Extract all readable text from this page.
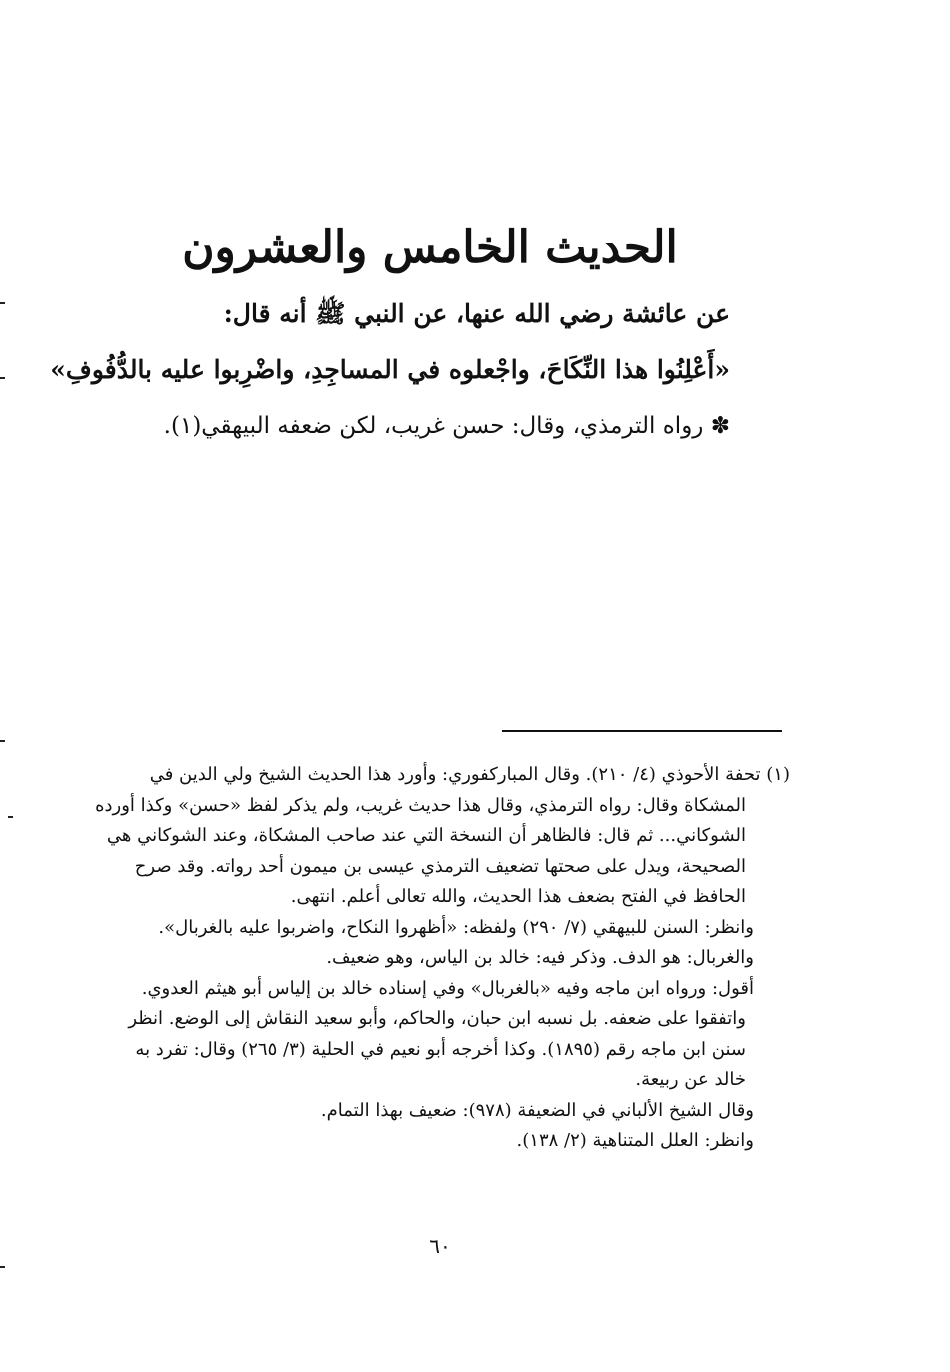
الحديث الخامس والعشرون
عن عائشة رضي الله عنها، عن النبي ﷺ أنه قال:
«أَعْلِنُوا هذا النِّكَاحَ، واجْعلوه في المساجِدِ، واضْرِبوا عليه بالدُّفُوفِ»
✽ رواه الترمذي، وقال: حسن غريب، لكن ضعفه البيهقي(١).
(١) تحفة الأحوذي (٤/ ٢١٠). وقال المباركفوري: وأورد هذا الحديث الشيخ ولي الدين في
المشكاة وقال: رواه الترمذي، وقال هذا حديث غريب، ولم يذكر لفظ «حسن» وكذا أورده
الشوكاني... ثم قال: فالظاهر أن النسخة التي عند صاحب المشكاة، وعند الشوكاني هي
الصحيحة، ويدل على صحتها تضعيف الترمذي عيسى بن ميمون أحد رواته. وقد صرح
الحافظ في الفتح بضعف هذا الحديث، والله تعالى أعلم. انتهى.
وانظر: السنن للبيهقي (٧/ ٢٩٠) ولفظه: «أظهروا النكاح، واضربوا عليه بالغربال».
والغربال: هو الدف. وذكر فيه: خالد بن الياس، وهو ضعيف.
أقول: ورواه ابن ماجه وفيه «بالغربال» وفي إسناده خالد بن إلياس أبو هيثم العدوي.
واتفقوا على ضعفه. بل نسبه ابن حبان، والحاكم، وأبو سعيد النقاش إلى الوضع. انظر
سنن ابن ماجه رقم (١٨٩٥). وكذا أخرجه أبو نعيم في الحلية (٣/ ٢٦٥) وقال: تفرد به
خالد عن ربيعة.
وقال الشيخ الألباني في الضعيفة (٩٧٨): ضعيف بهذا التمام.
وانظر: العلل المتناهية (٢/ ١٣٨).
٦٠
